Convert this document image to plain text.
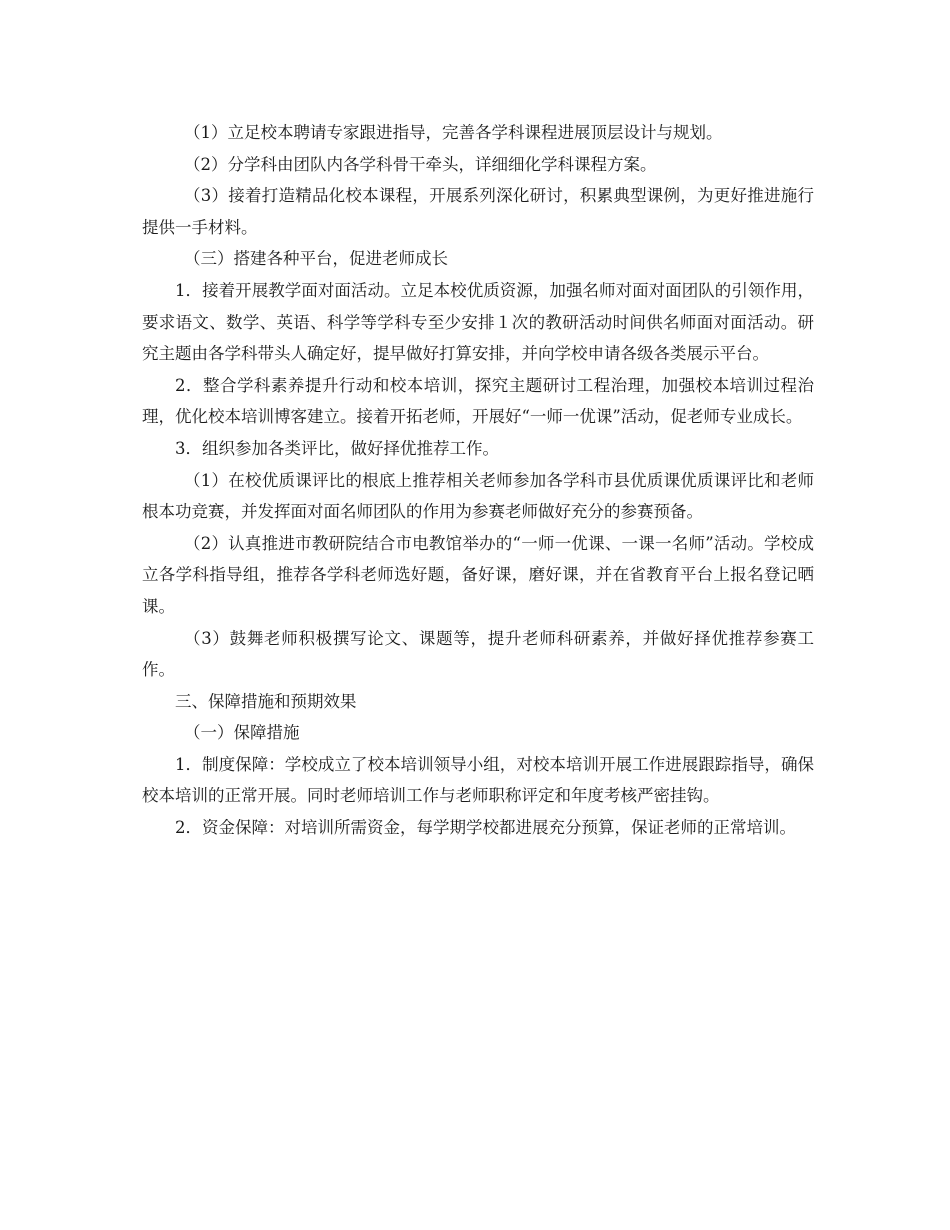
（1）立足校本聘请专家跟进指导，完善各学科课程进展顶层设计与规划。

（2）分学科由团队内各学科骨干牵头，详细细化学科课程方案。

（3）接着打造精品化校本课程，开展系列深化研讨，积累典型课例，为更好推进施行提供一手材料。

（三）搭建各种平台，促进老师成长

1．接着开展教学面对面活动。立足本校优质资源，加强名师对面对面团队的引领作用，要求语文、数学、英语、科学等学科专至少安排１次的教研活动时间供名师面对面活动。研究主题由各学科带头人确定好，提早做好打算安排，并向学校申请各级各类展示平台。

2．整合学科素养提升行动和校本培训，探究主题研讨工程治理，加强校本培训过程治理，优化校本培训博客建立。接着开拓老师，开展好“一师一优课”活动，促老师专业成长。

3．组织参加各类评比，做好择优推荐工作。

（1）在校优质课评比的根底上推荐相关老师参加各学科市县优质课优质课评比和老师根本功竞赛，并发挥面对面名师团队的作用为参赛老师做好充分的参赛预备。

（2）认真推进市教研院结合市电教馆举办的“一师一优课、一课一名师”活动。学校成立各学科指导组，推荐各学科老师选好题，备好课，磨好课，并在省教育平台上报名登记晒课。

（3）鼓舞老师积极撰写论文、课题等，提升老师科研素养，并做好择优推荐参赛工作。

三、保障措施和预期效果

（一）保障措施

1．制度保障：学校成立了校本培训领导小组，对校本培训开展工作进展跟踪指导，确保校本培训的正常开展。同时老师培训工作与老师职称评定和年度考核严密挂钩。

2．资金保障：对培训所需资金，每学期学校都进展充分预算，保证老师的正常培训。
